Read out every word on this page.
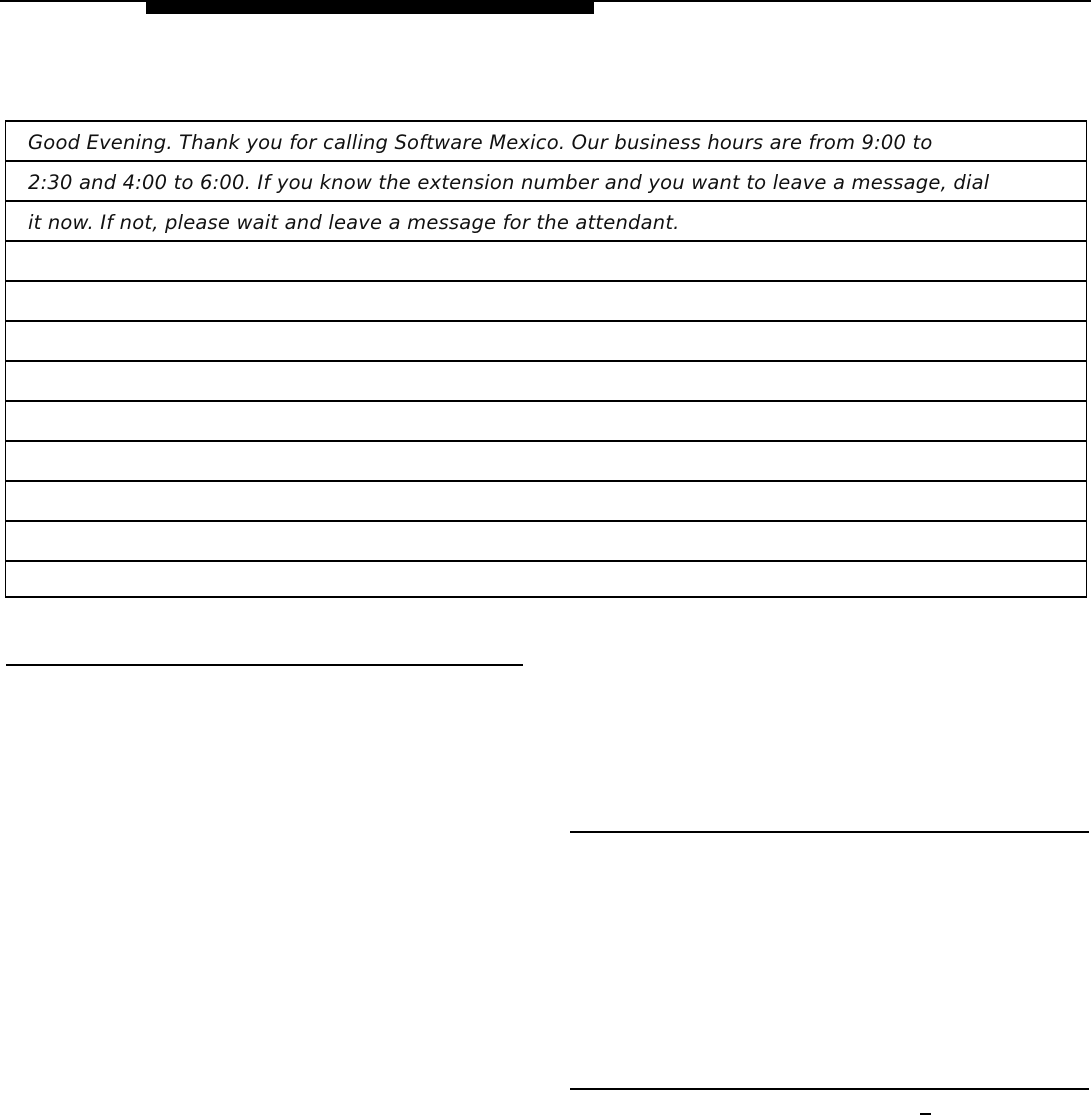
Good Evening. Thank you for calling Software Mexico. Our business hours are from 9:00 to
2:30 and 4:00 to 6:00. If you know the extension number and you want to leave a message, dial
it now. If not, please wait and leave a message for the attendant.
